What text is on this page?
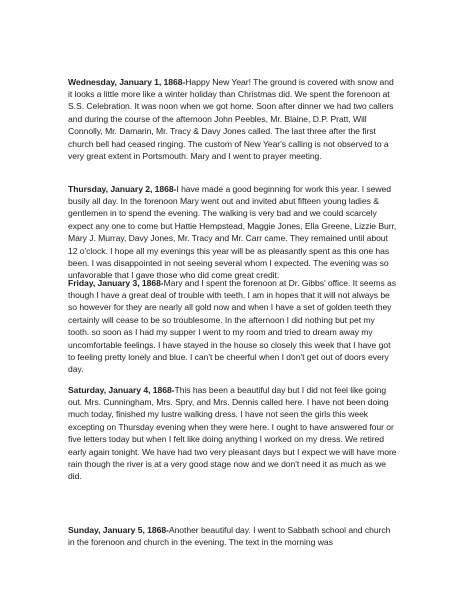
Wednesday, January 1, 1868-Happy New Year! The ground is covered with snow and it looks a little more like a winter holiday than Christmas did. We spent the forenoon at S.S. Celebration. It was noon when we got home. Soon after dinner we had two callers and during the course of the afternoon John Peebles, Mr. Blaine, D.P. Pratt, Will Connolly, Mr. Damarin, Mr. Tracy & Davy Jones called. The last three after the first church bell had ceased ringing. The custom of New Year's calling is not observed to a very great extent in Portsmouth. Mary and I went to prayer meeting.

Thursday, January 2, 1868-I have made a good beginning for work this year. I sewed busily all day. In the forenoon Mary went out and invited abut fifteen young ladies & gentlemen in to spend the evening. The walking is very bad and we could scarcely expect any one to come but Hattie Hempstead, Maggie Jones, Ella Greene, Lizzie Burr, Mary J. Murray, Davy Jones, Mr. Tracy and Mr. Carr came. They remained until about 12 o'clock. I hope all my evenings this year will be as pleasantly spent as this one has been. I was disappointed in not seeing several whom I expected. The evening was so unfavorable that I gave those who did come great credit.

Friday, January 3, 1868-Mary and I spent the forenoon at Dr. Gibbs' office. It seems as though I have a great deal of trouble with teeth. I am in hopes that it will not always be so however for they are nearly all gold now and when I have a set of golden teeth they certainly will cease to be so troublesome. In the afternoon I did nothing but pet my tooth. so soon as I had my supper I went to my room and tried to dream away my uncomfortable feelings. I have stayed in the house so closely this week that I have got to feeling pretty lonely and blue. I can't be cheerful when I don't get out of doors every day.

Saturday, January 4, 1868-This has been a beautiful day but I did not feel like going out. Mrs. Cunningham, Mrs. Spry, and Mrs. Dennis called here. I have not been doing much today, finished my lustre walking dress. I have not seen the girls this week excepting on Thursday evening when they were here. I ought to have answered four or five letters today but when I felt like doing anything I worked on my dress. We retired early again tonight. We have had two very pleasant days but I expect we will have more rain though the river is at a very good stage now and we don't need it as much as we did.

Sunday, January 5, 1868-Another beautiful day. I went to Sabbath school and church in the forenoon and church in the evening. The text in the morning was
